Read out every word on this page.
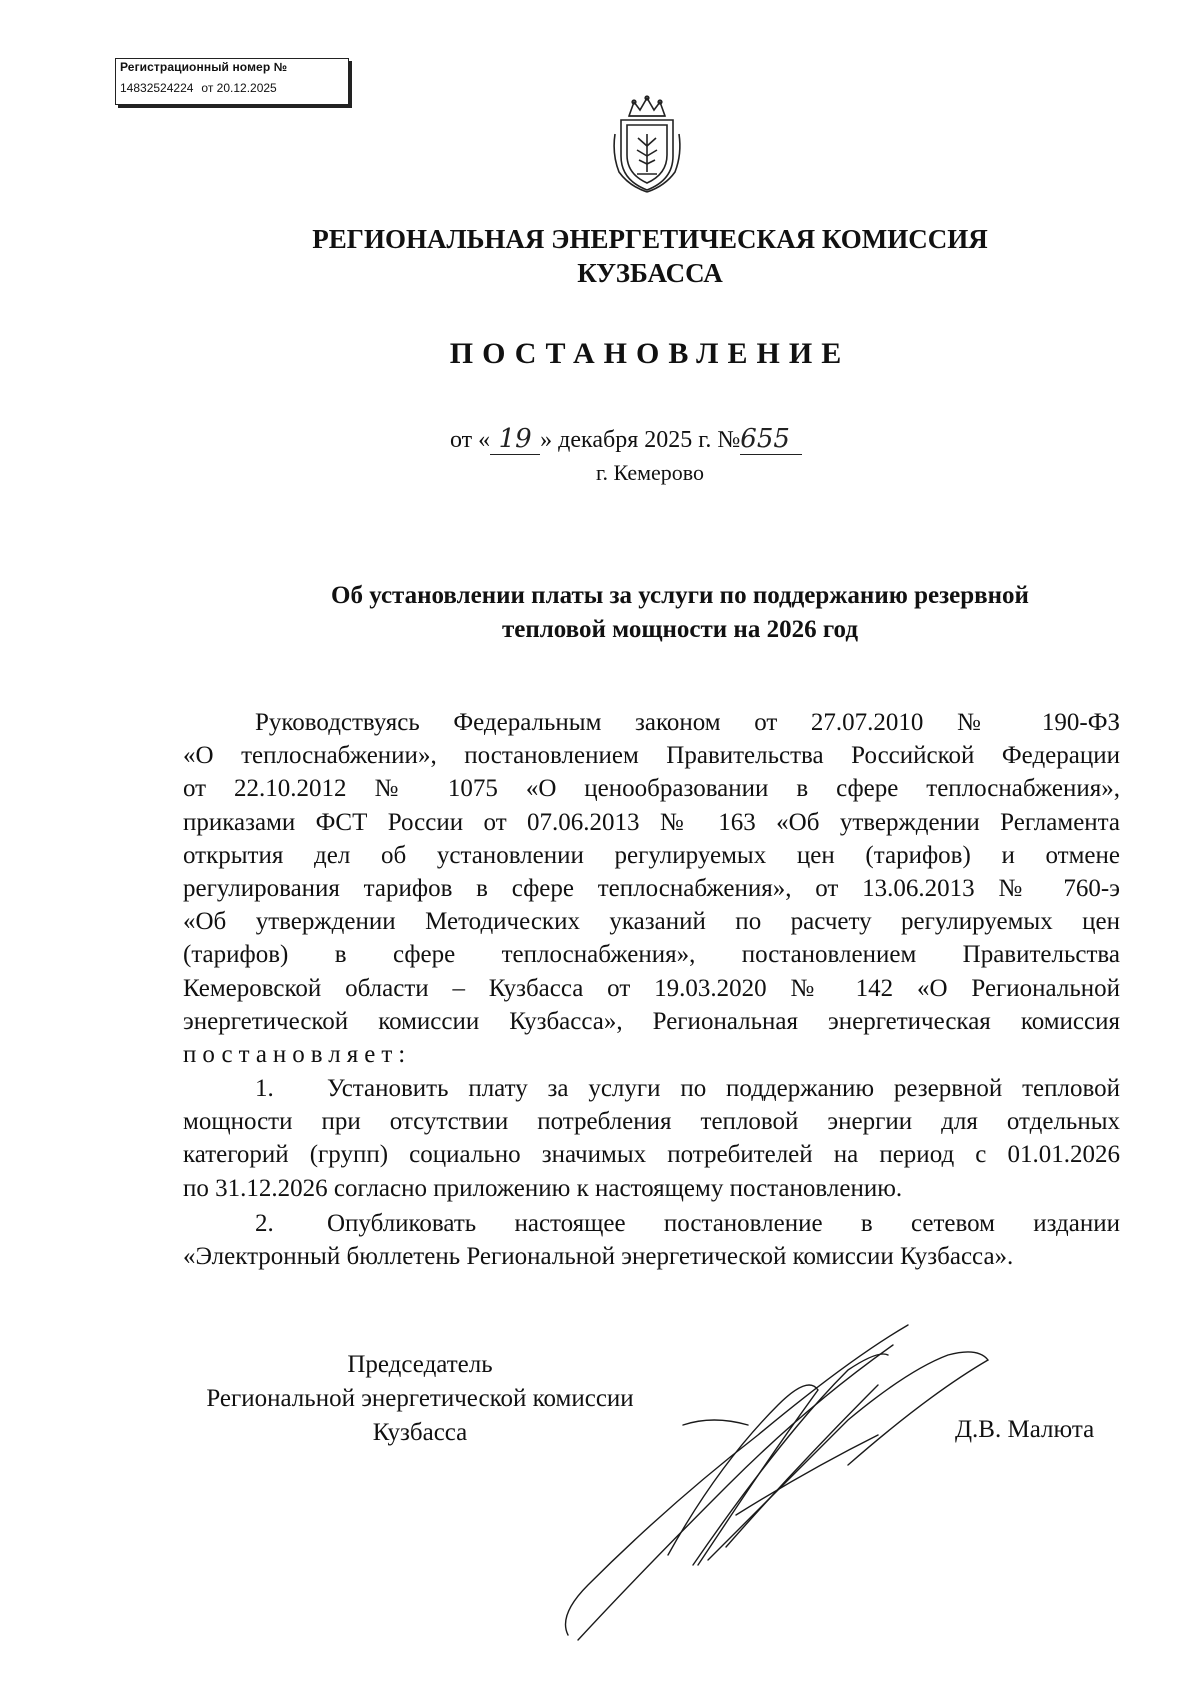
Регистрационный номер №
14832524224 от 20.12.2025
РЕГИОНАЛЬНАЯ ЭНЕРГЕТИЧЕСКАЯ КОМИССИЯ
КУЗБАССА
ПОСТАНОВЛЕНИЕ
от « 19 » декабря 2025 г. №655
г. Кемерово
Об установлении платы за услуги по поддержанию резервной
тепловой мощности на 2026 год
Руководствуясь Федеральным законом от 27.07.2010 № 190-ФЗ
«О теплоснабжении», постановлением Правительства Российской Федерации
от 22.10.2012 № 1075 «О ценообразовании в сфере теплоснабжения»,
приказами ФСТ России от 07.06.2013 № 163 «Об утверждении Регламента
открытия дел об установлении регулируемых цен (тарифов) и отмене
регулирования тарифов в сфере теплоснабжения», от 13.06.2013 № 760-э
«Об утверждении Методических указаний по расчету регулируемых цен
(тарифов) в сфере теплоснабжения», постановлением Правительства
Кемеровской области – Кузбасса от 19.03.2020 № 142 «О Региональной
энергетической комиссии Кузбасса», Региональная энергетическая комиссия
постановляет:
1. Установить плату за услуги по поддержанию резервной тепловой
мощности при отсутствии потребления тепловой энергии для отдельных
категорий (групп) социально значимых потребителей на период с 01.01.2026
по 31.12.2026 согласно приложению к настоящему постановлению.
2. Опубликовать настоящее постановление в сетевом издании
«Электронный бюллетень Региональной энергетической комиссии Кузбасса».
Председатель
Региональной энергетической комиссии
Кузбасса	Д.В. Малюта
